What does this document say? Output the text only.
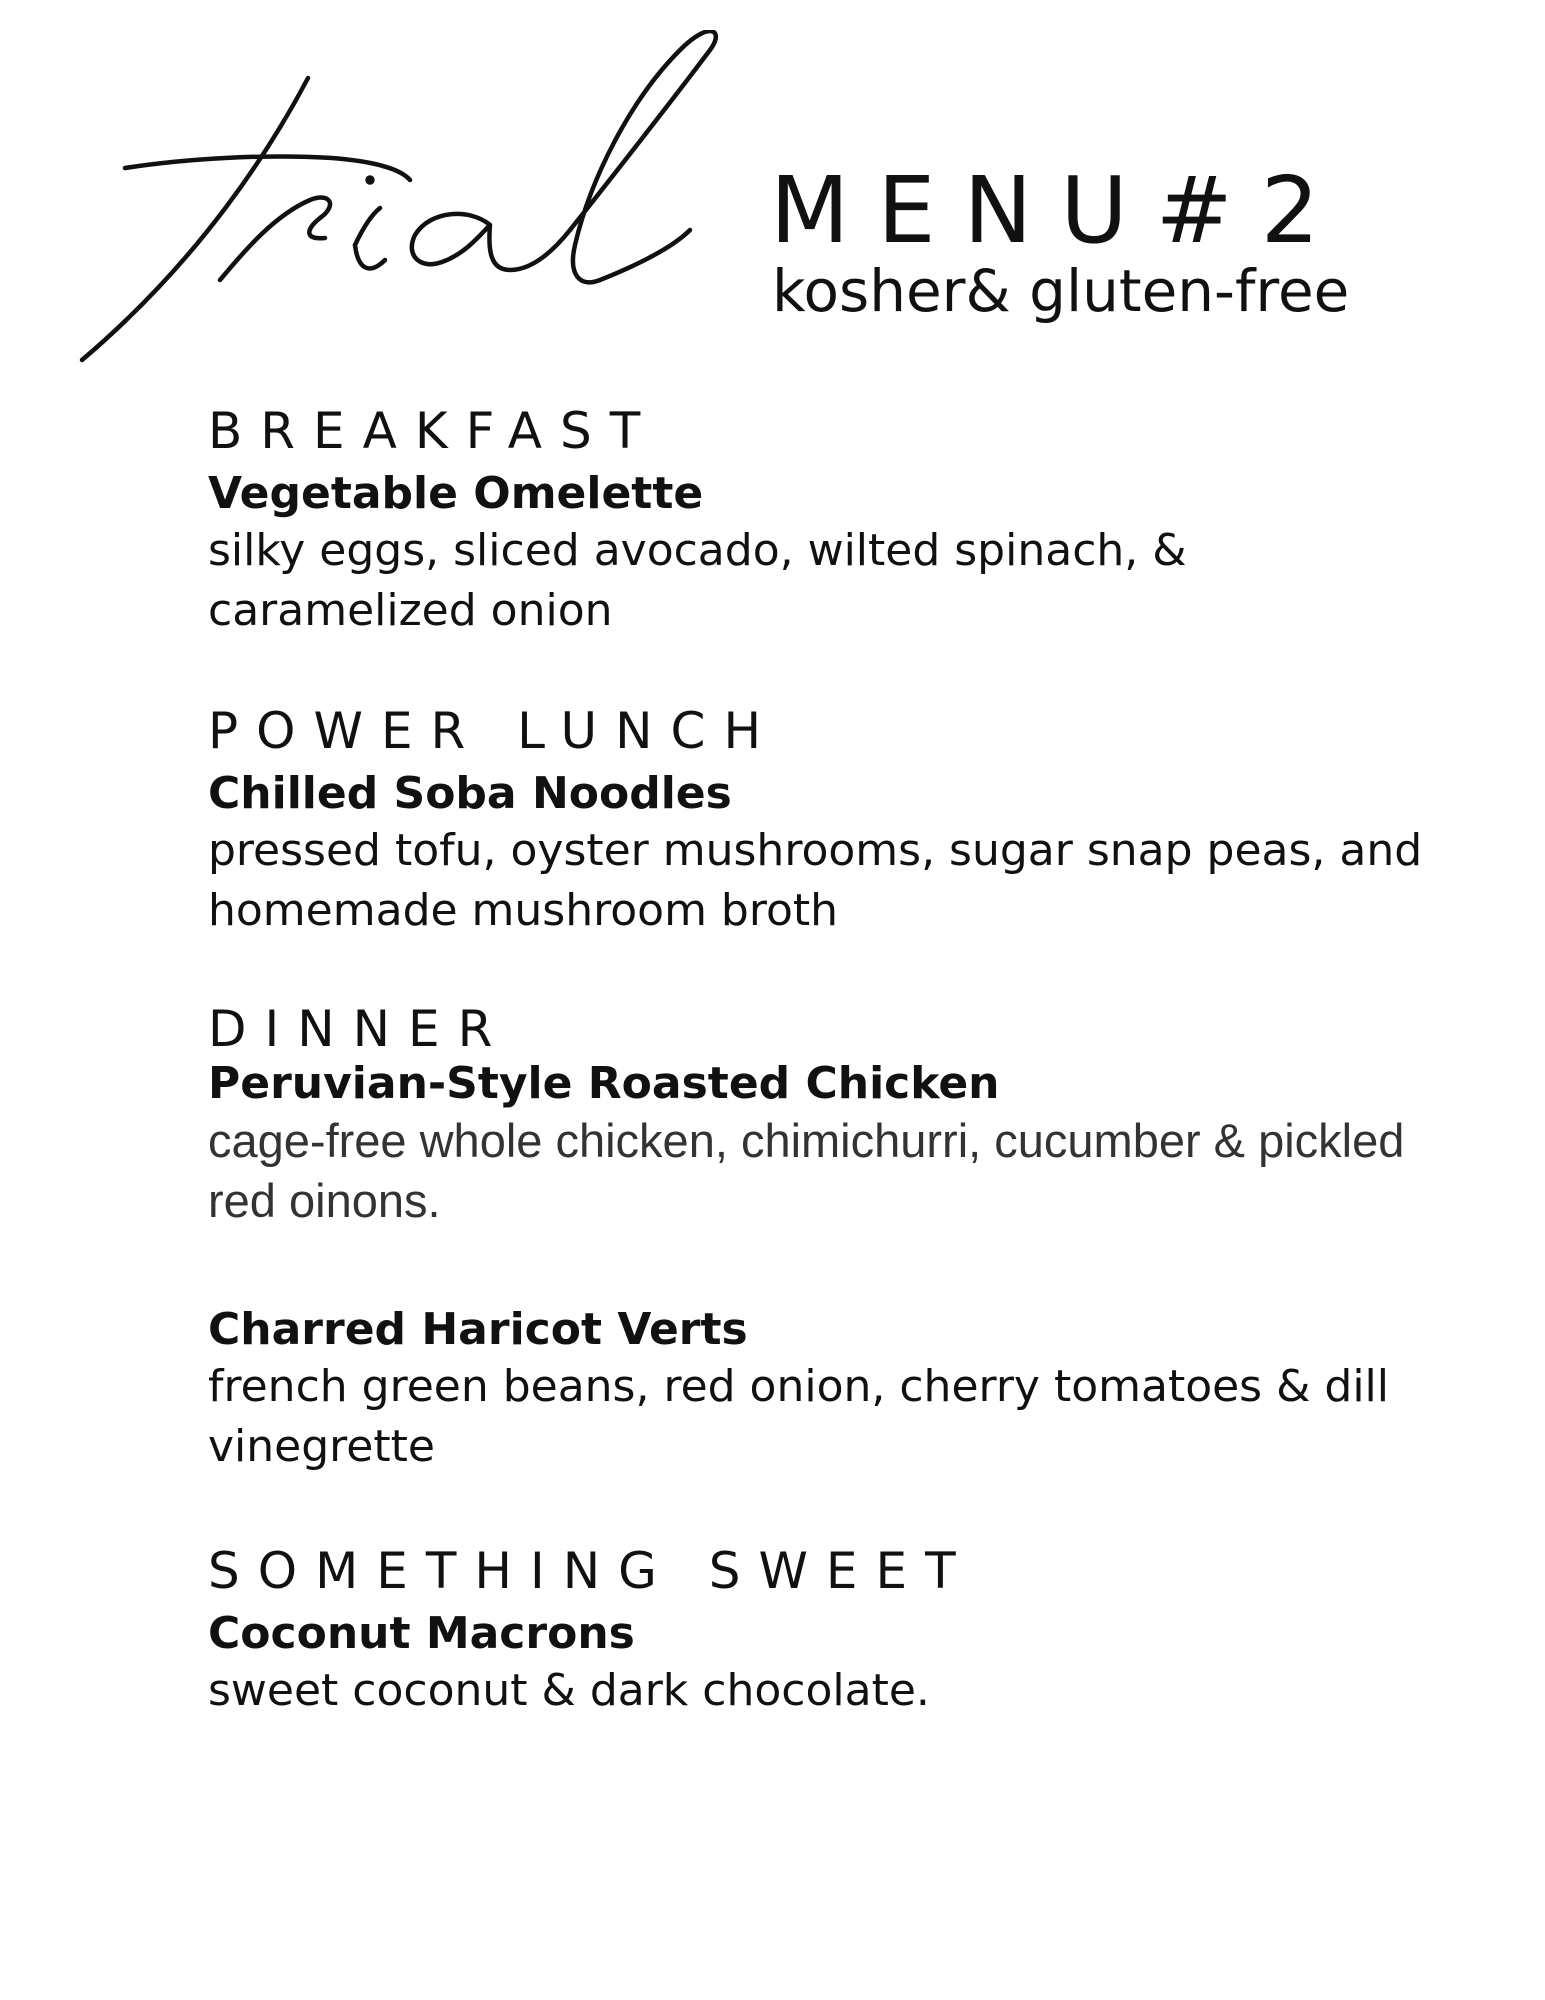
MENU#2

kosher& gluten-free

BREAKFAST

Vegetable Omelette

silky eggs, sliced avocado, wilted spinach, & caramelized onion

POWER LUNCH

Chilled Soba Noodles

pressed tofu, oyster mushrooms, sugar snap peas, and homemade mushroom broth

DINNER

Peruvian-Style Roasted Chicken

cage-free whole chicken, chimichurri, cucumber & pickled red oinons.

Charred Haricot Verts

french green beans, red onion, cherry tomatoes & dill vinegrette

SOMETHING SWEET

Coconut Macrons

sweet coconut & dark chocolate.
